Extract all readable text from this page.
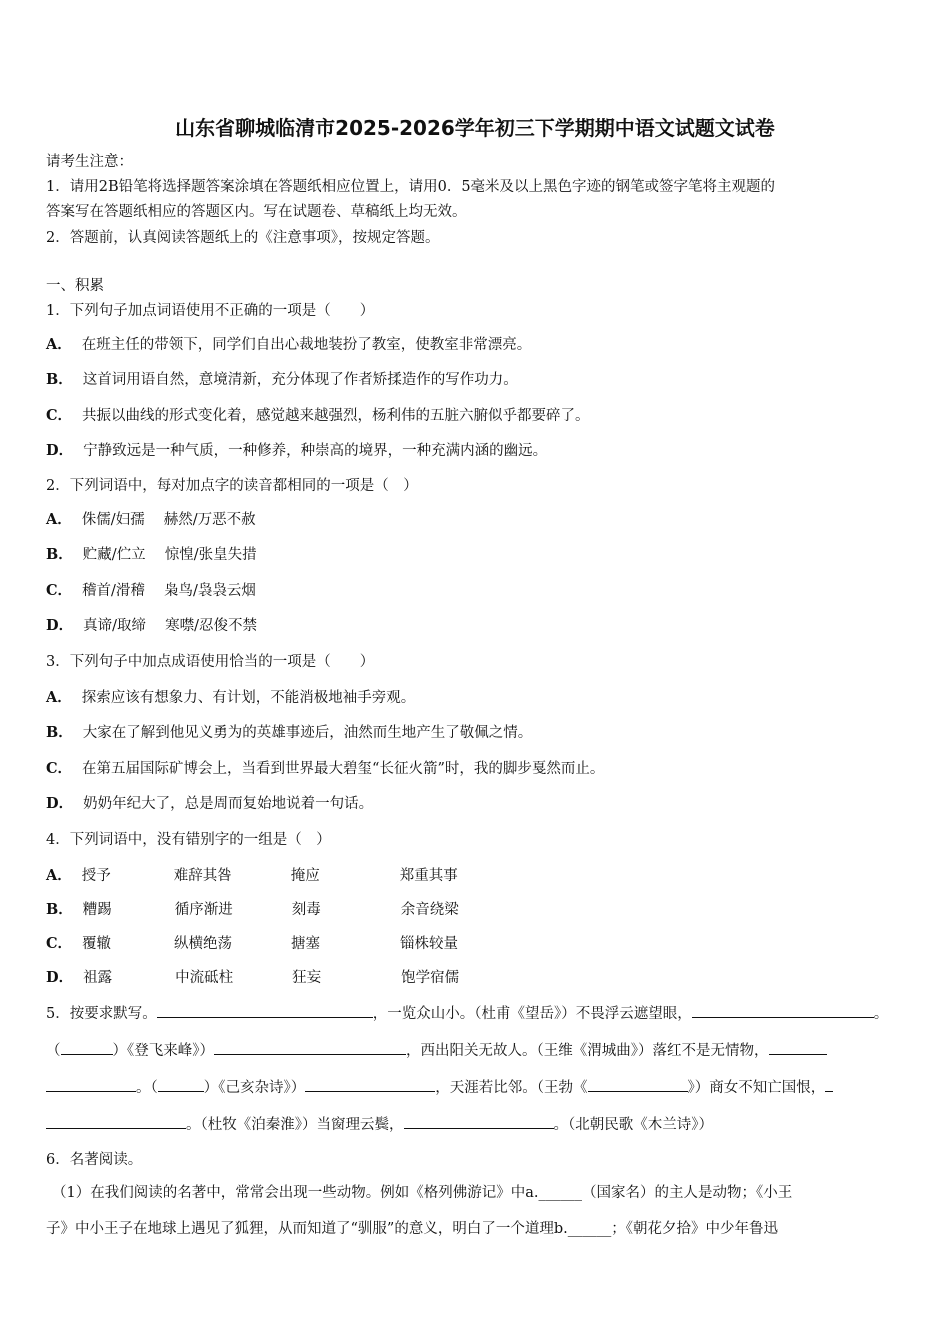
山东省聊城临清市2025-2026学年初三下学期期中语文试题文试卷
请考生注意：
1．请用2B铅笔将选择题答案涂填在答题纸相应位置上，请用0．5毫米及以上黑色字迹的钢笔或签字笔将主观题的
答案写在答题纸相应的答题区内。写在试题卷、草稿纸上均无效。
2．答题前，认真阅读答题纸上的《注意事项》，按规定答题。
一、积累
1．下列句子加点词语使用不正确的一项是（　　）
A． 在班主任的带领下，同学们自出心裁地装扮了教室，使教室非常漂亮。
B． 这首词用语自然，意境清新，充分体现了作者矫揉造作的写作功力。
C． 共振以曲线的形式变化着，感觉越来越强烈，杨利伟的五脏六腑似乎都要碎了。
D． 宁静致远是一种气质，一种修养，种崇高的境界，一种充满内涵的幽远。
2．下列词语中，每对加点字的读音都相同的一项是（　）
A． 侏儒/妇孺　 赫然/万恶不赦
B． 贮藏/伫立　 惊惶/张皇失措
C． 稽首/滑稽　 枭鸟/袅袅云烟
D． 真谛/取缔　 寒噤/忍俊不禁
3．下列句子中加点成语使用恰当的一项是（　　）
A． 探索应该有想象力、有计划，不能消极地袖手旁观。
B． 大家在了解到他见义勇为的英雄事迹后，油然而生地产生了敬佩之情。
C． 在第五届国际矿博会上，当看到世界最大碧玺“长征火箭”时，我的脚步戛然而止。
D． 奶奶年纪大了，总是周而复始地说着一句话。
4．下列词语中，没有错别字的一组是（　）
A． 授予	难辞其咎	掩应	郑重其事
B． 糟踢	循序渐进	刻毒	余音绕梁
C． 覆辙	纵横绝荡	搪塞	锱株较量
D． 祖露	中流砥柱	狂妄	饱学宿儒
5．按要求默写。	，一览众山小。（杜甫《望岳》）不畏浮云遮望眼，	。
（	）《登飞来峰》）	，西出阳关无故人。（王维《渭城曲》）落红不是无情物，
。（	）《己亥杂诗》）	，天涯若比邻。（王勃《	》）商女不知亡国恨，
。（杜牧《泊秦淮》）当窗理云鬓，	。（北朝民歌《木兰诗》）
6．名著阅读。
（1）在我们阅读的名著中，常常会出现一些动物。例如《格列佛游记》中a.______（国家名）的主人是动物；《小王
子》中小王子在地球上遇见了狐狸，从而知道了“驯服”的意义，明白了一个道理b.______；《朝花夕拾》中少年鲁迅
